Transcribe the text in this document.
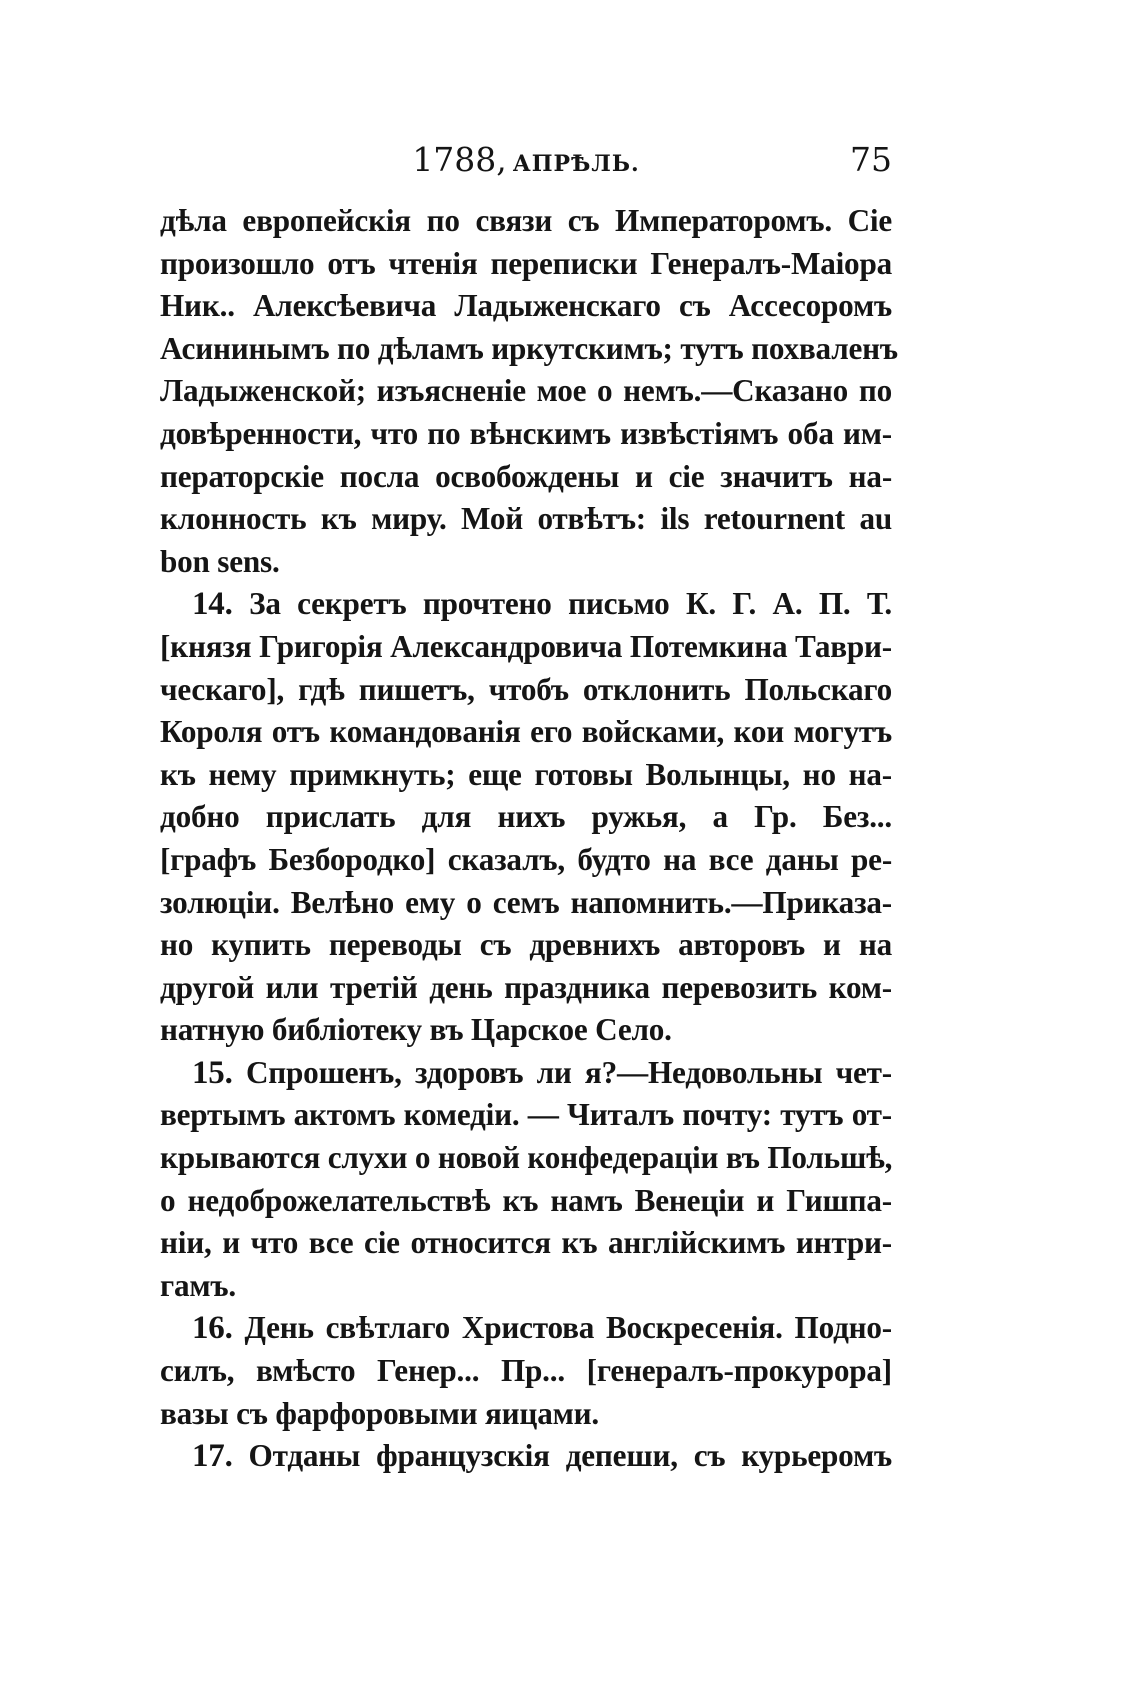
1788, АПРѢЛЬ.	75
дѣла европейскія по связи съ Императоромъ. Сіе
произошло отъ чтенія переписки Генералъ-Маіора
Ник.. Алексѣевича Ладыженскаго съ Ассесоромъ
Асининымъ по дѣламъ иркутскимъ; тутъ похваленъ
Ладыженской; изъясненіе мое о немъ.—Сказано по
довѣренности, что по вѣнскимъ извѣстіямъ оба им-
ператорскіе посла освобождены и сіе значитъ на-
клонность къ миру. Мой отвѣтъ: ils retournent au
bon sens.
14. За секретъ прочтено письмо К. Г. А. П. Т.
[князя Григорія Александровича Потемкина Таври-
ческаго], гдѣ пишетъ, чтобъ отклонить Польскаго
Короля отъ командованія его войсками, кои могутъ
къ нему примкнуть; еще готовы Волынцы, но на-
добно прислать для нихъ ружья, а Гр. Без...
[графъ Безбородко] сказалъ, будто на все даны ре-
золюціи. Велѣно ему о семъ напомнить.—Приказа-
но купить переводы съ древнихъ авторовъ и на
другой или третій день праздника перевозить ком-
натную библіотеку въ Царское Село.
15. Спрошенъ, здоровъ ли я?—Недовольны чет-
вертымъ актомъ комедіи. — Читалъ почту: тутъ от-
крываются слухи о новой конфедераціи въ Польшѣ,
о недоброжелательствѣ къ намъ Венеціи и Гишпа-
ніи, и что все сіе относится къ англійскимъ интри-
гамъ.
16. День свѣтлаго Христова Воскресенія. Подно-
силъ, вмѣсто Генер... Пр... [генералъ-прокурора]
вазы съ фарфоровыми яицами.
17. Отданы французскія депеши, съ курьеромъ
